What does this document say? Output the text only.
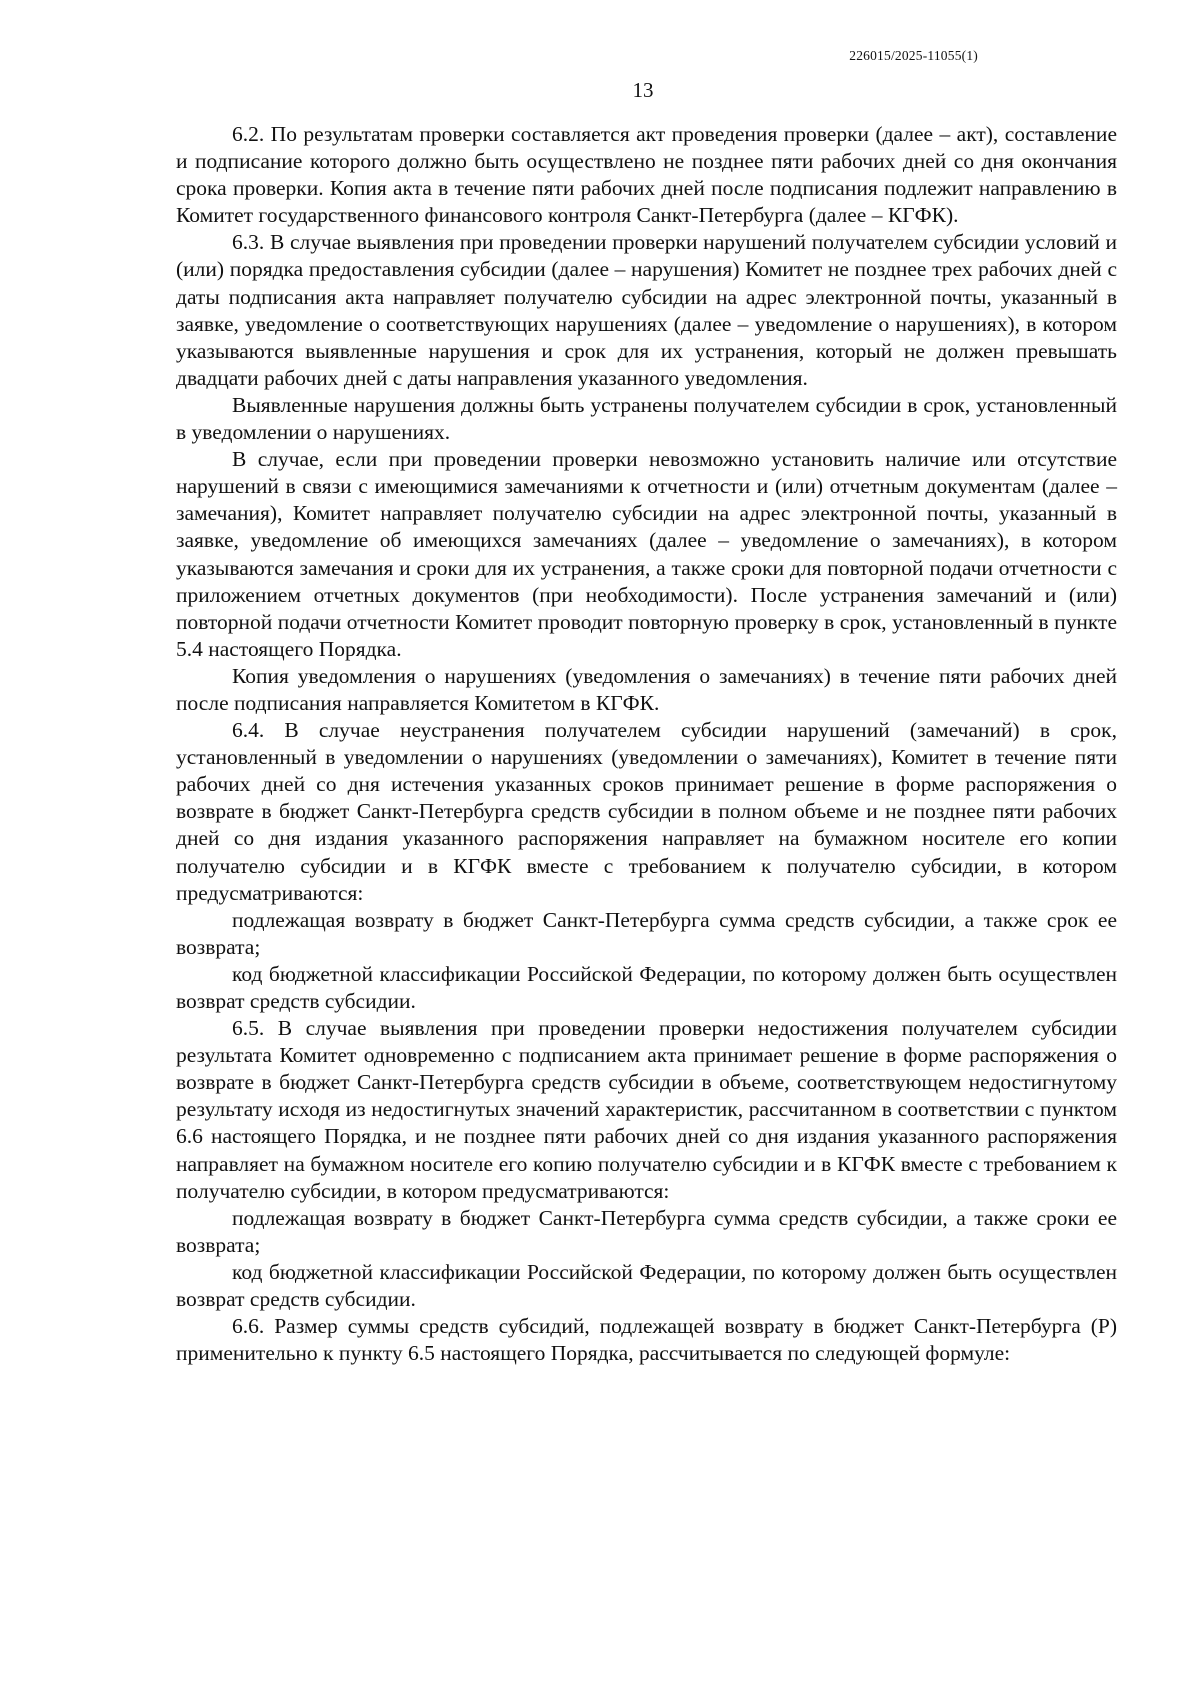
226015/2025-11055(1)
13

6.2. По результатам проверки составляется акт проведения проверки (далее – акт), составление и подписание которого должно быть осуществлено не позднее пяти рабочих дней со дня окончания срока проверки. Копия акта в течение пяти рабочих дней после подписания подлежит направлению в Комитет государственного финансового контроля Санкт-Петербурга (далее – КГФК).

6.3. В случае выявления при проведении проверки нарушений получателем субсидии условий и (или) порядка предоставления субсидии (далее – нарушения) Комитет не позднее трех рабочих дней с даты подписания акта направляет получателю субсидии на адрес электронной почты, указанный в заявке, уведомление о соответствующих нарушениях (далее – уведомление о нарушениях), в котором указываются выявленные нарушения и срок для их устранения, который не должен превышать двадцати рабочих дней с даты направления указанного уведомления.

Выявленные нарушения должны быть устранены получателем субсидии в срок, установленный в уведомлении о нарушениях.

В случае, если при проведении проверки невозможно установить наличие или отсутствие нарушений в связи с имеющимися замечаниями к отчетности и (или) отчетным документам (далее – замечания), Комитет направляет получателю субсидии на адрес электронной почты, указанный в заявке, уведомление об имеющихся замечаниях (далее – уведомление о замечаниях), в котором указываются замечания и сроки для их устранения, а также сроки для повторной подачи отчетности с приложением отчетных документов (при необходимости). После устранения замечаний и (или) повторной подачи отчетности Комитет проводит повторную проверку в срок, установленный в пункте 5.4 настоящего Порядка.

Копия уведомления о нарушениях (уведомления о замечаниях) в течение пяти рабочих дней после подписания направляется Комитетом в КГФК.

6.4. В случае неустранения получателем субсидии нарушений (замечаний) в срок, установленный в уведомлении о нарушениях (уведомлении о замечаниях), Комитет в течение пяти рабочих дней со дня истечения указанных сроков принимает решение в форме распоряжения о возврате в бюджет Санкт-Петербурга средств субсидии в полном объеме и не позднее пяти рабочих дней со дня издания указанного распоряжения направляет на бумажном носителе его копии получателю субсидии и в КГФК вместе с требованием к получателю субсидии, в котором предусматриваются:

подлежащая возврату в бюджет Санкт-Петербурга сумма средств субсидии, а также срок ее возврата;

код бюджетной классификации Российской Федерации, по которому должен быть осуществлен возврат средств субсидии.

6.5. В случае выявления при проведении проверки недостижения получателем субсидии результата Комитет одновременно с подписанием акта принимает решение в форме распоряжения о возврате в бюджет Санкт-Петербурга средств субсидии в объеме, соответствующем недостигнутому результату исходя из недостигнутых значений характеристик, рассчитанном в соответствии с пунктом 6.6 настоящего Порядка, и не позднее пяти рабочих дней со дня издания указанного распоряжения направляет на бумажном носителе его копию получателю субсидии и в КГФК вместе с требованием к получателю субсидии, в котором предусматриваются:

подлежащая возврату в бюджет Санкт-Петербурга сумма средств субсидии, а также сроки ее возврата;

код бюджетной классификации Российской Федерации, по которому должен быть осуществлен возврат средств субсидии.

6.6. Размер суммы средств субсидий, подлежащей возврату в бюджет Санкт-Петербурга (Р) применительно к пункту 6.5 настоящего Порядка, рассчитывается по следующей формуле:
